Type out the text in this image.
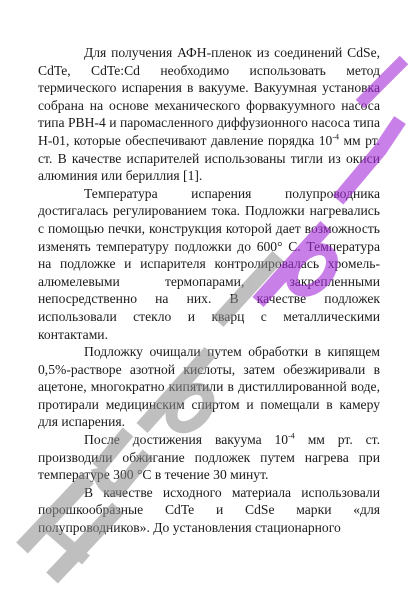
Для получения АФН-пленок из соединений CdSe, CdTe, CdTe:Cd необходимо использовать метод термического испарения в вакууме. Вакуумная установка собрана на основе механического форвакуумного насоса типа РВН-4 и паромасленного диффузионного насоса типа Н-01, которые обеспечивают давление порядка $10^{-4}$ мм рт. ст. В качестве испарителей использованы тигли из окиси алюминия или бериллия [1].

Температура испарения полупроводника достигалась регулированием тока. Подложки нагревались с помощью печки, конструкция которой дает возможность изменять температуру подложки до 600° С. Температура на подложке и испарителя контролировалась хромель-алюмелевыми термопарами, закрепленными непосредственно на них. В качестве подложек использовали стекло и кварц с металлическими контактами.

Подложку очищали путем обработки в кипящем 0,5%-растворе азотной кислоты, затем обезжиривали в ацетоне, многократно кипятили в дистиллированной воде, протирали медицинским спиртом и помещали в камеру для испарения.

После достижения вакуума $10^{-4}$ мм рт. ст. производили обжигание подложек путем нагрева при температуре 300 °С в течение 30 минут.

В качестве исходного материала использовали порошкообразные CdTe и CdSe марки «для полупроводников». До установления стационарного
